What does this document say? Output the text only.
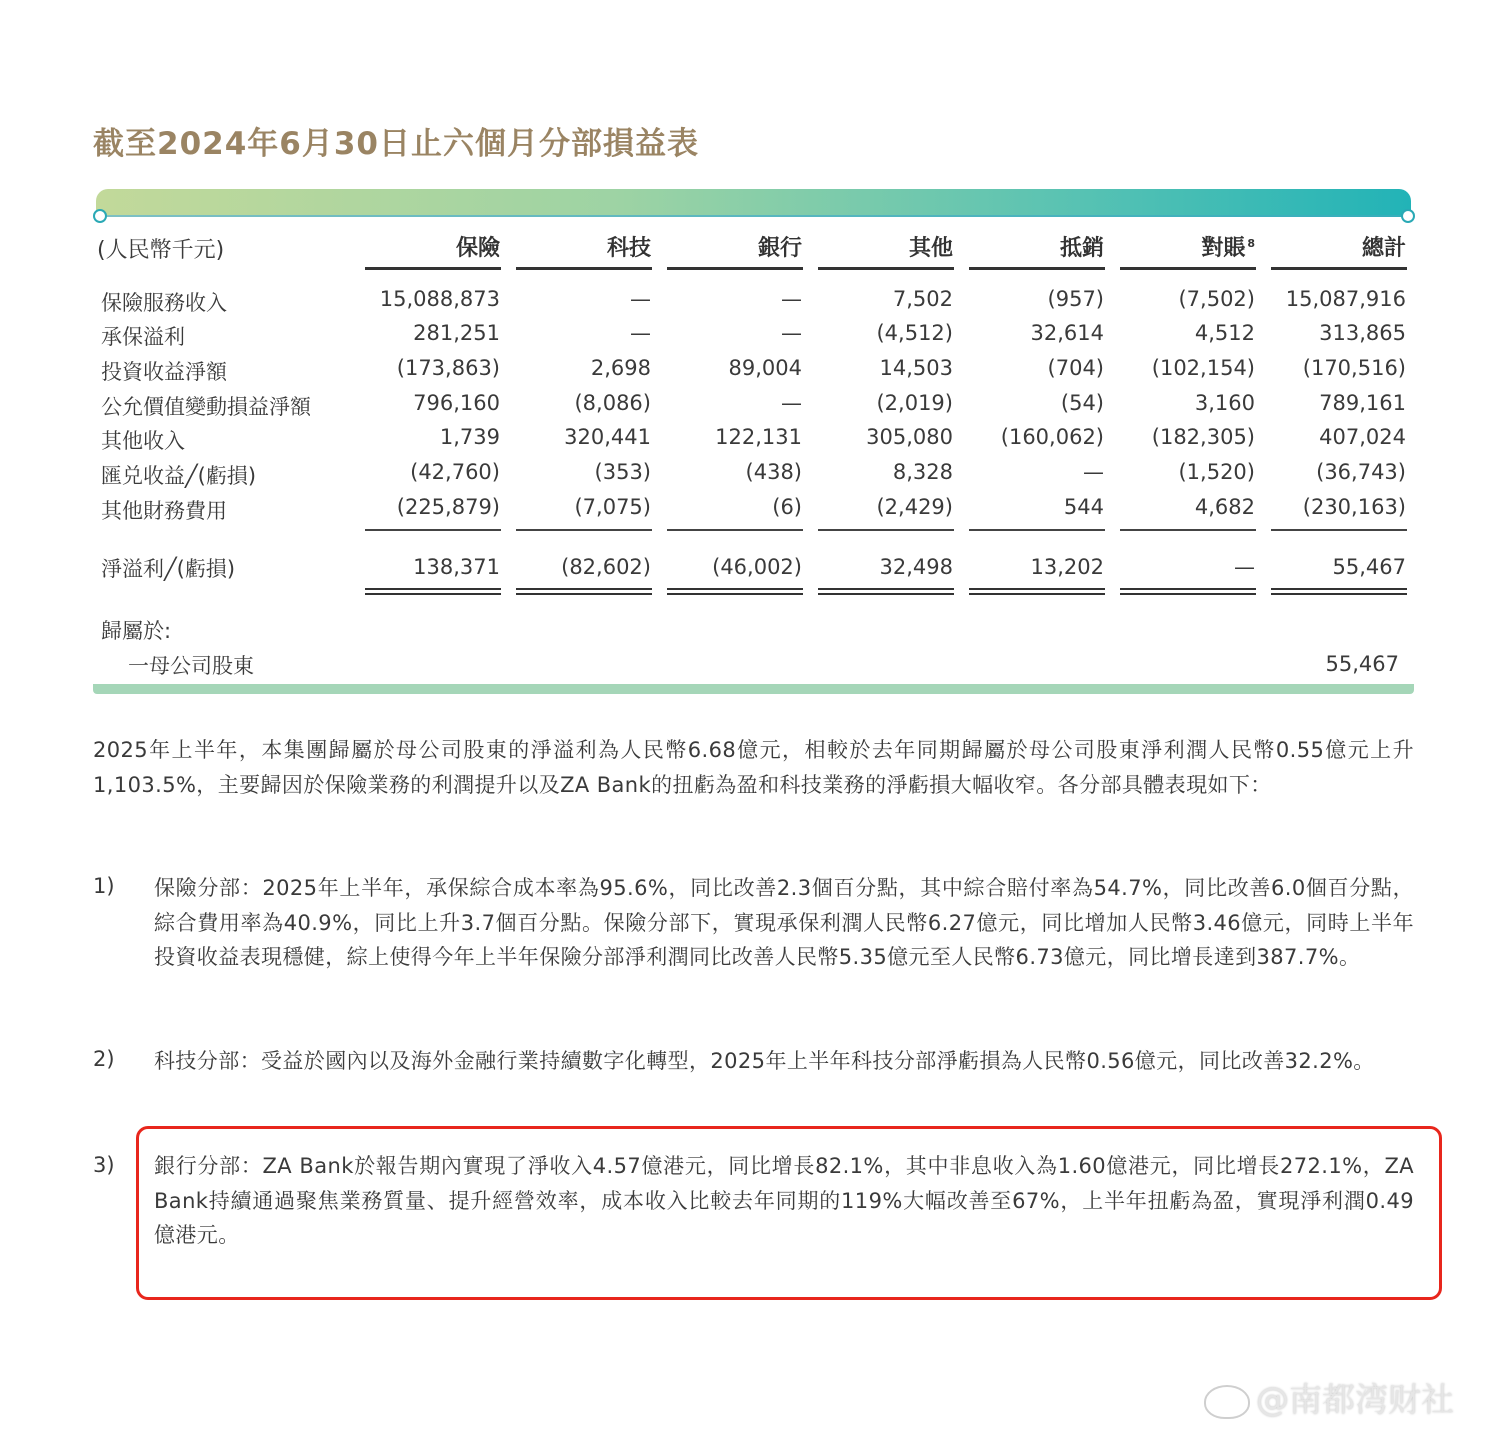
截至2024年6月30日止六個月分部損益表
(人民幣千元)	保險	科技	銀行	其他	抵銷	對賬 $^8$	總計
保險服務收入	15,088,873	—	—	7,502	(957)	(7,502)	15,087,916
承保溢利	281,251	—	—	(4,512)	32,614	4,512	313,865
投資收益淨額	(173,863)	2,698	89,004	14,503	(704)	(102,154)	(170,516)
公允價值變動損益淨額	796,160	(8,086)	—	(2,019)	(54)	3,160	789,161
其他收入	1,739	320,441	122,131	305,080	(160,062)	(182,305)	407,024
匯兑收益╱(虧損)	(42,760)	(353)	(438)	8,328	—	(1,520)	(36,743)
其他財務費用	(225,879)	(7,075)	(6)	(2,429)	544	4,682	(230,163)
淨溢利╱(虧損)	138,371	(82,602)	(46,002)	32,498	13,202	—	55,467
歸屬於:
一母公司股東	55,467
2025年上半年，本集團歸屬於母公司股東的淨溢利為人民幣6.68億元，相較於去年同期歸屬於母公司股東淨利潤人民幣0.55億元上升1,103.5%，主要歸因於保險業務的利潤提升以及ZA Bank的扭虧為盈和科技業務的淨虧損大幅收窄。各分部具體表現如下：
1) 保險分部：2025年上半年，承保綜合成本率為95.6%，同比改善2.3個百分點，其中綜合賠付率為54.7%，同比改善6.0個百分點，綜合費用率為40.9%，同比上升3.7個百分點。保險分部下，實現承保利潤人民幣6.27億元，同比增加人民幣3.46億元，同時上半年投資收益表現穩健，綜上使得今年上半年保險分部淨利潤同比改善人民幣5.35億元至人民幣6.73億元，同比增長達到387.7%。
2) 科技分部：受益於國內以及海外金融行業持續數字化轉型，2025年上半年科技分部淨虧損為人民幣0.56億元，同比改善32.2%。
3) 銀行分部：ZA Bank於報告期內實現了淨收入4.57億港元，同比增長82.1%，其中非息收入為1.60億港元，同比增長272.1%，ZA Bank持續通過聚焦業務質量、提升經營效率，成本收入比較去年同期的119%大幅改善至67%，上半年扭虧為盈，實現淨利潤0.49億港元。
@南都湾财社
